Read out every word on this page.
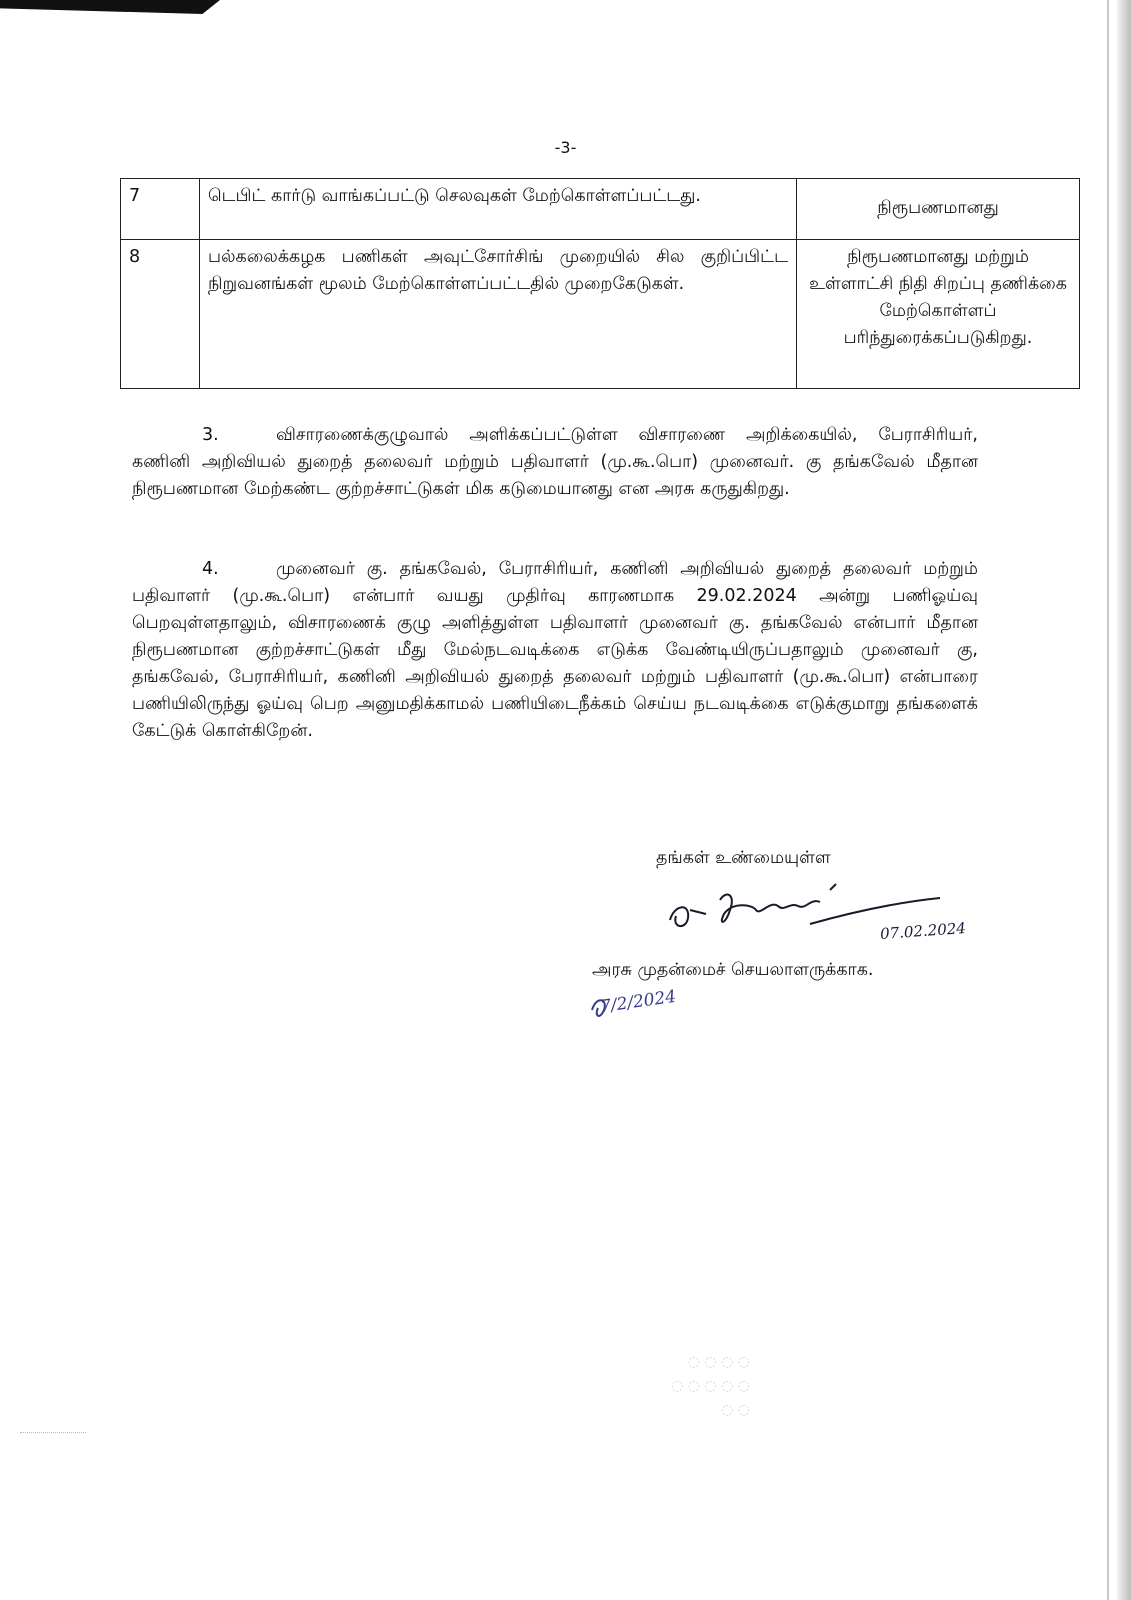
-3-
7	டெபிட் கார்டு வாங்கப்பட்டு செலவுகள் மேற்கொள்ளப்பட்டது.	நிரூபணமானது
8	பல்கலைக்கழக பணிகள் அவுட்சோர்சிங் முறையில் சில குறிப்பிட்ட நிறுவனங்கள் மூலம் மேற்கொள்ளப்பட்டதில் முறைகேடுகள்.	நிரூபணமானது மற்றும் உள்ளாட்சி நிதி சிறப்பு தணிக்கை மேற்கொள்ளப் பரிந்துரைக்கப்படுகிறது.

3.	விசாரணைக்குழுவால் அளிக்கப்பட்டுள்ள விசாரணை அறிக்கையில், பேராசிரியர், கணினி அறிவியல் துறைத் தலைவர் மற்றும் பதிவாளர் (மு.கூ.பொ) முனைவர். கு தங்கவேல் மீதான நிரூபணமான மேற்கண்ட குற்றச்சாட்டுகள் மிக கடுமையானது என அரசு கருதுகிறது.

4.	முனைவர் கு. தங்கவேல், பேராசிரியர், கணினி அறிவியல் துறைத் தலைவர் மற்றும் பதிவாளர் (மு.கூ.பொ) என்பார் வயது முதிர்வு காரணமாக 29.02.2024 அன்று பணிஓய்வு பெறவுள்ளதாலும், விசாரணைக் குழு அளித்துள்ள பதிவாளர் முனைவர் கு. தங்கவேல் என்பார் மீதான நிரூபணமான குற்றச்சாட்டுகள் மீது மேல்நடவடிக்கை எடுக்க வேண்டியிருப்பதாலும் முனைவர் கு, தங்கவேல், பேராசிரியர், கணினி அறிவியல் துறைத் தலைவர் மற்றும் பதிவாளர் (மு.கூ.பொ) என்பாரை பணியிலிருந்து ஓய்வு பெற அனுமதிக்காமல் பணியிடைநீக்கம் செய்ய நடவடிக்கை எடுக்குமாறு தங்களைக் கேட்டுக் கொள்கிறேன்.

தங்கள் உண்மையுள்ள
07.02.2024
அரசு முதன்மைச் செயலாளருக்காக.
7/2/2024
◌ ◌ ◌ ◌
◌ ◌ ◌ ◌ ◌
◌ ◌
